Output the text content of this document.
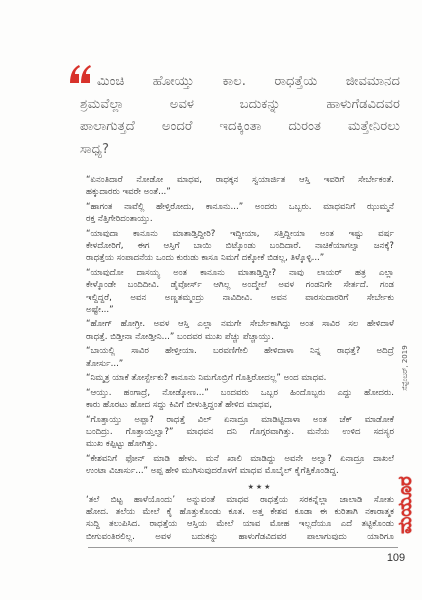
ಮಿಂಚಿ ಹೋಯ್ತು ಕಾಲ. ರಾಧತ್ತೆಯ ಜೀವಮಾನದ
ಶ್ರಮವೆಲ್ಲಾ ಅವಳ ಬದುಕನ್ನು ಹಾಳುಗೆಡವಿದವರ
ಪಾಲಾಗುತ್ತದೆ ಅಂದರೆ ಇದಕ್ಕಿಂತಾ ದುರಂತ ಮತ್ತೇನಿರಲು
ಸಾಧ್ಯ?
“ಏನಂತಿದಾರೆ ನೋಡೋ ಮಾಧವ, ರಾಧಕ್ಕನ ಸ್ವಯಾರ್ಜಿತ ಆಸ್ತಿ ಇವರಿಗೆ ಸೇರ್ಬೇಕಂತೆ.
ಹಕ್ಕುದಾರರು ಇವರೇ ಅಂತೆ...”
“ಹಾಗಂತ ನಾವೆಲ್ಲಿ ಹೇಳ್ತಿರೋದು, ಕಾನೂನು...” ಅಂದರು ಒಬ್ಬರು. ಮಾಧವನಿಗೆ ಝುಮ್ಮನೆ
ರಕ್ತ ನೆತ್ತಿಗೇರಿದಂತಾಯ್ತು.
“ಯಾವುದಾ ಕಾನೂನು ಮಾತಾಡ್ತಿದ್ದೀರಿ? ಇದ್ದೀಯಾ, ಸತ್ತಿದ್ದೀಯಾ ಅಂತ ಇಷ್ಟು ವರ್ಷ
ಕೇಳದೋರಿಗೆ, ಈಗ ಆಸ್ತಿಗೆ ಬಾಯಿ ಬಿಟ್ಕೊಂಡು ಬಂದಿದಾರೆ. ನಾಚಿಕೆಯಾಗಲ್ವಾ ಜನಕ್ಕೆ?
ರಾಧತ್ತೆಯ ಸಂಪಾದನೆಯ ಒಂದು ಕುರುಡು ಕಾಸೂ ನಿಮಗೆ ದಕ್ಕೋಕೆ ಬಿಡಲ್ಲ, ತಿಳ್ಕೊಳ್ಳಿ...”
“ಯಾವುದೋ ದಾಸಯ್ಯ ಅಂತ ಕಾನೂನು ಮಾತಾಡ್ತಿದ್ದೀ? ನಾವು ಲಾಯರ್ ಹತ್ರ ಎಲ್ಲಾ
ಕೇಳ್ಕೊಂಡೇ ಬಂದಿದೀವಿ. ಡೈವೋರ್ಸ್ ಆಗಿಲ್ಲ ಅಂದ್ಮೇಲೆ ಅವಳ ಗಂಡನಿಗೇ ಸೇರ್ತದೆ. ಗಂಡ
ಇಲ್ದಿದ್ದರೆ, ಅವನ ಅಣ್ಣತಮ್ಮಂದ್ರು ನಾವಿದೀವಿ. ಅವನ ವಾರಸುದಾರರಿಗೆ ಸೇರ್ಬೇಕು
ಅಷ್ಟೇ...”
“ಹೋಗ್ ಹೋಗ್ರೀ. ಅವಳ ಆಸ್ತಿ ಎಲ್ಲಾ ನಮಗೇ ಸೇರ್ಬೇಕಾಗಿದ್ದು ಅಂತ ಸಾವಿರ ಸಲ ಹೇಳಿದಾಳೆ
ರಾಧತ್ತೆ. ಬಿಡ್ತೀನಾ ನೋಡ್ತೀನಿ...” ಬಂದವರ ಮುಖ ಪೆಚ್ಚು ಪೆಚ್ಚಾಯ್ತು.
“ಬಾಯಲ್ಲಿ ಸಾವಿರ ಹೇಳ್ತೀಯಾ. ಬರವಣಿಗೇಲಿ ಹೇಳಿದಾಳಾ ನಿನ್ನ ರಾಧತ್ತೆ? ಅದಿದ್ರೆ
ತೋರ್ಸು...”
“ನಿಮ್ಮತ್ರ ಯಾಕೆ ತೋರ್ಸ್ಬೇಕು? ಕಾನೂನು ನಿಮಗೊಬ್ರಿಗೆ ಗೊತ್ತಿರೋದಲ್ಲ” ಅಂದ ಮಾಧವ.
“ಆಯ್ತು. ಹಂಗಾದ್ರೆ, ನೋಡ್ಕೋಣ...” ಬಂದವರು ಒಬ್ಬರ ಹಿಂದೊಬ್ಬರು ಎದ್ದು ಹೋದರು.
ಕಾರು ಹೊರಟು ಹೋದ ಸದ್ದು ಕಿವಿಗೆ ಬೀಳುತ್ತಿದ್ದಂತೆ ಹೇಳಿದ ಮಾಧವ,
“ಗೊತ್ತಾಯ್ತು ಅಪ್ಪಾ? ರಾಧತ್ತೆ ವಿಲ್ ಏನಾದ್ರೂ ಮಾಡಿಟ್ಟಿದಾಳಾ ಅಂತ ಚೆಕ್ ಮಾಡೋಕೆ
ಬಂದಿದ್ರು. ಗೊತ್ತಾಯ್ತಲ್ವಾ?” ಮಾಧವನ ದನಿ ಗೊಗ್ಗರವಾಗಿತ್ತು. ಮನೆಯ ಉಳಿದ ಸದಸ್ಯರ
ಮುಖ ಕಪ್ಪಿಟ್ಟು ಹೋಗಿತ್ತು.
“ಕೇಶವನಿಗೆ ಫೋನ್ ಮಾಡಿ ಹೇಳು. ಮನೆ ಖಾಲಿ ಮಾಡಿದ್ದು ಅವನೇ ಅಲ್ವಾ? ಏನಾದ್ರೂ ದಾಖಲೆ
ಉಂಟಾ ವಿಚಾರ್ಸು...” ಅಪ್ಪ ಹೇಳಿ ಮುಗಿಸುವುದರೊಳಗೆ ಮಾಧವ ಮೊಬೈಲ್ ಕೈಗೆತ್ತಿಕೊಂಡಿದ್ದ.
★★★
‘ತಲೆ ಬಿಟ್ಟ ಹಾಳೆಯೊಂದು’ ಅನ್ನುವಂತೆ ಮಾಧವ ರಾಧತ್ತೆಯ ಸರಕನ್ನೆಲ್ಲಾ ಜಾಲಾಡಿ ಸೋತು
ಹೋದ. ತಲೆಯ ಮೇಲೆ ಕೈ ಹೊತ್ತುಕೊಂಡು ಕೂತ. ಅತ್ತ ಕೇಶವ ಕೂಡಾ ಈ ಕುರಿತಾಗಿ ನಕಾರಾತ್ಮಕ
ಸುದ್ದಿ ತಲುಪಿಸಿದ. ರಾಧತ್ತೆಯ ಆಸ್ತಿಯ ಮೇಲೆ ಯಾವ ಮೋಹ ಇಲ್ಲದೆಯೂ ಎದೆ ತಟ್ಟಿಕೊಂಡು
ಬೀಗುವಂತಿರಲಿಲ್ಲ. ಅವಳ ಬದುಕನ್ನು ಹಾಳುಗೆಡವಿದವರ ಪಾಲಾಗುವುದು ಯಾರಿಗೂ
109
ಸೆಪ್ಟೆಂಬರ್, 2019
ಮಯೂರ
